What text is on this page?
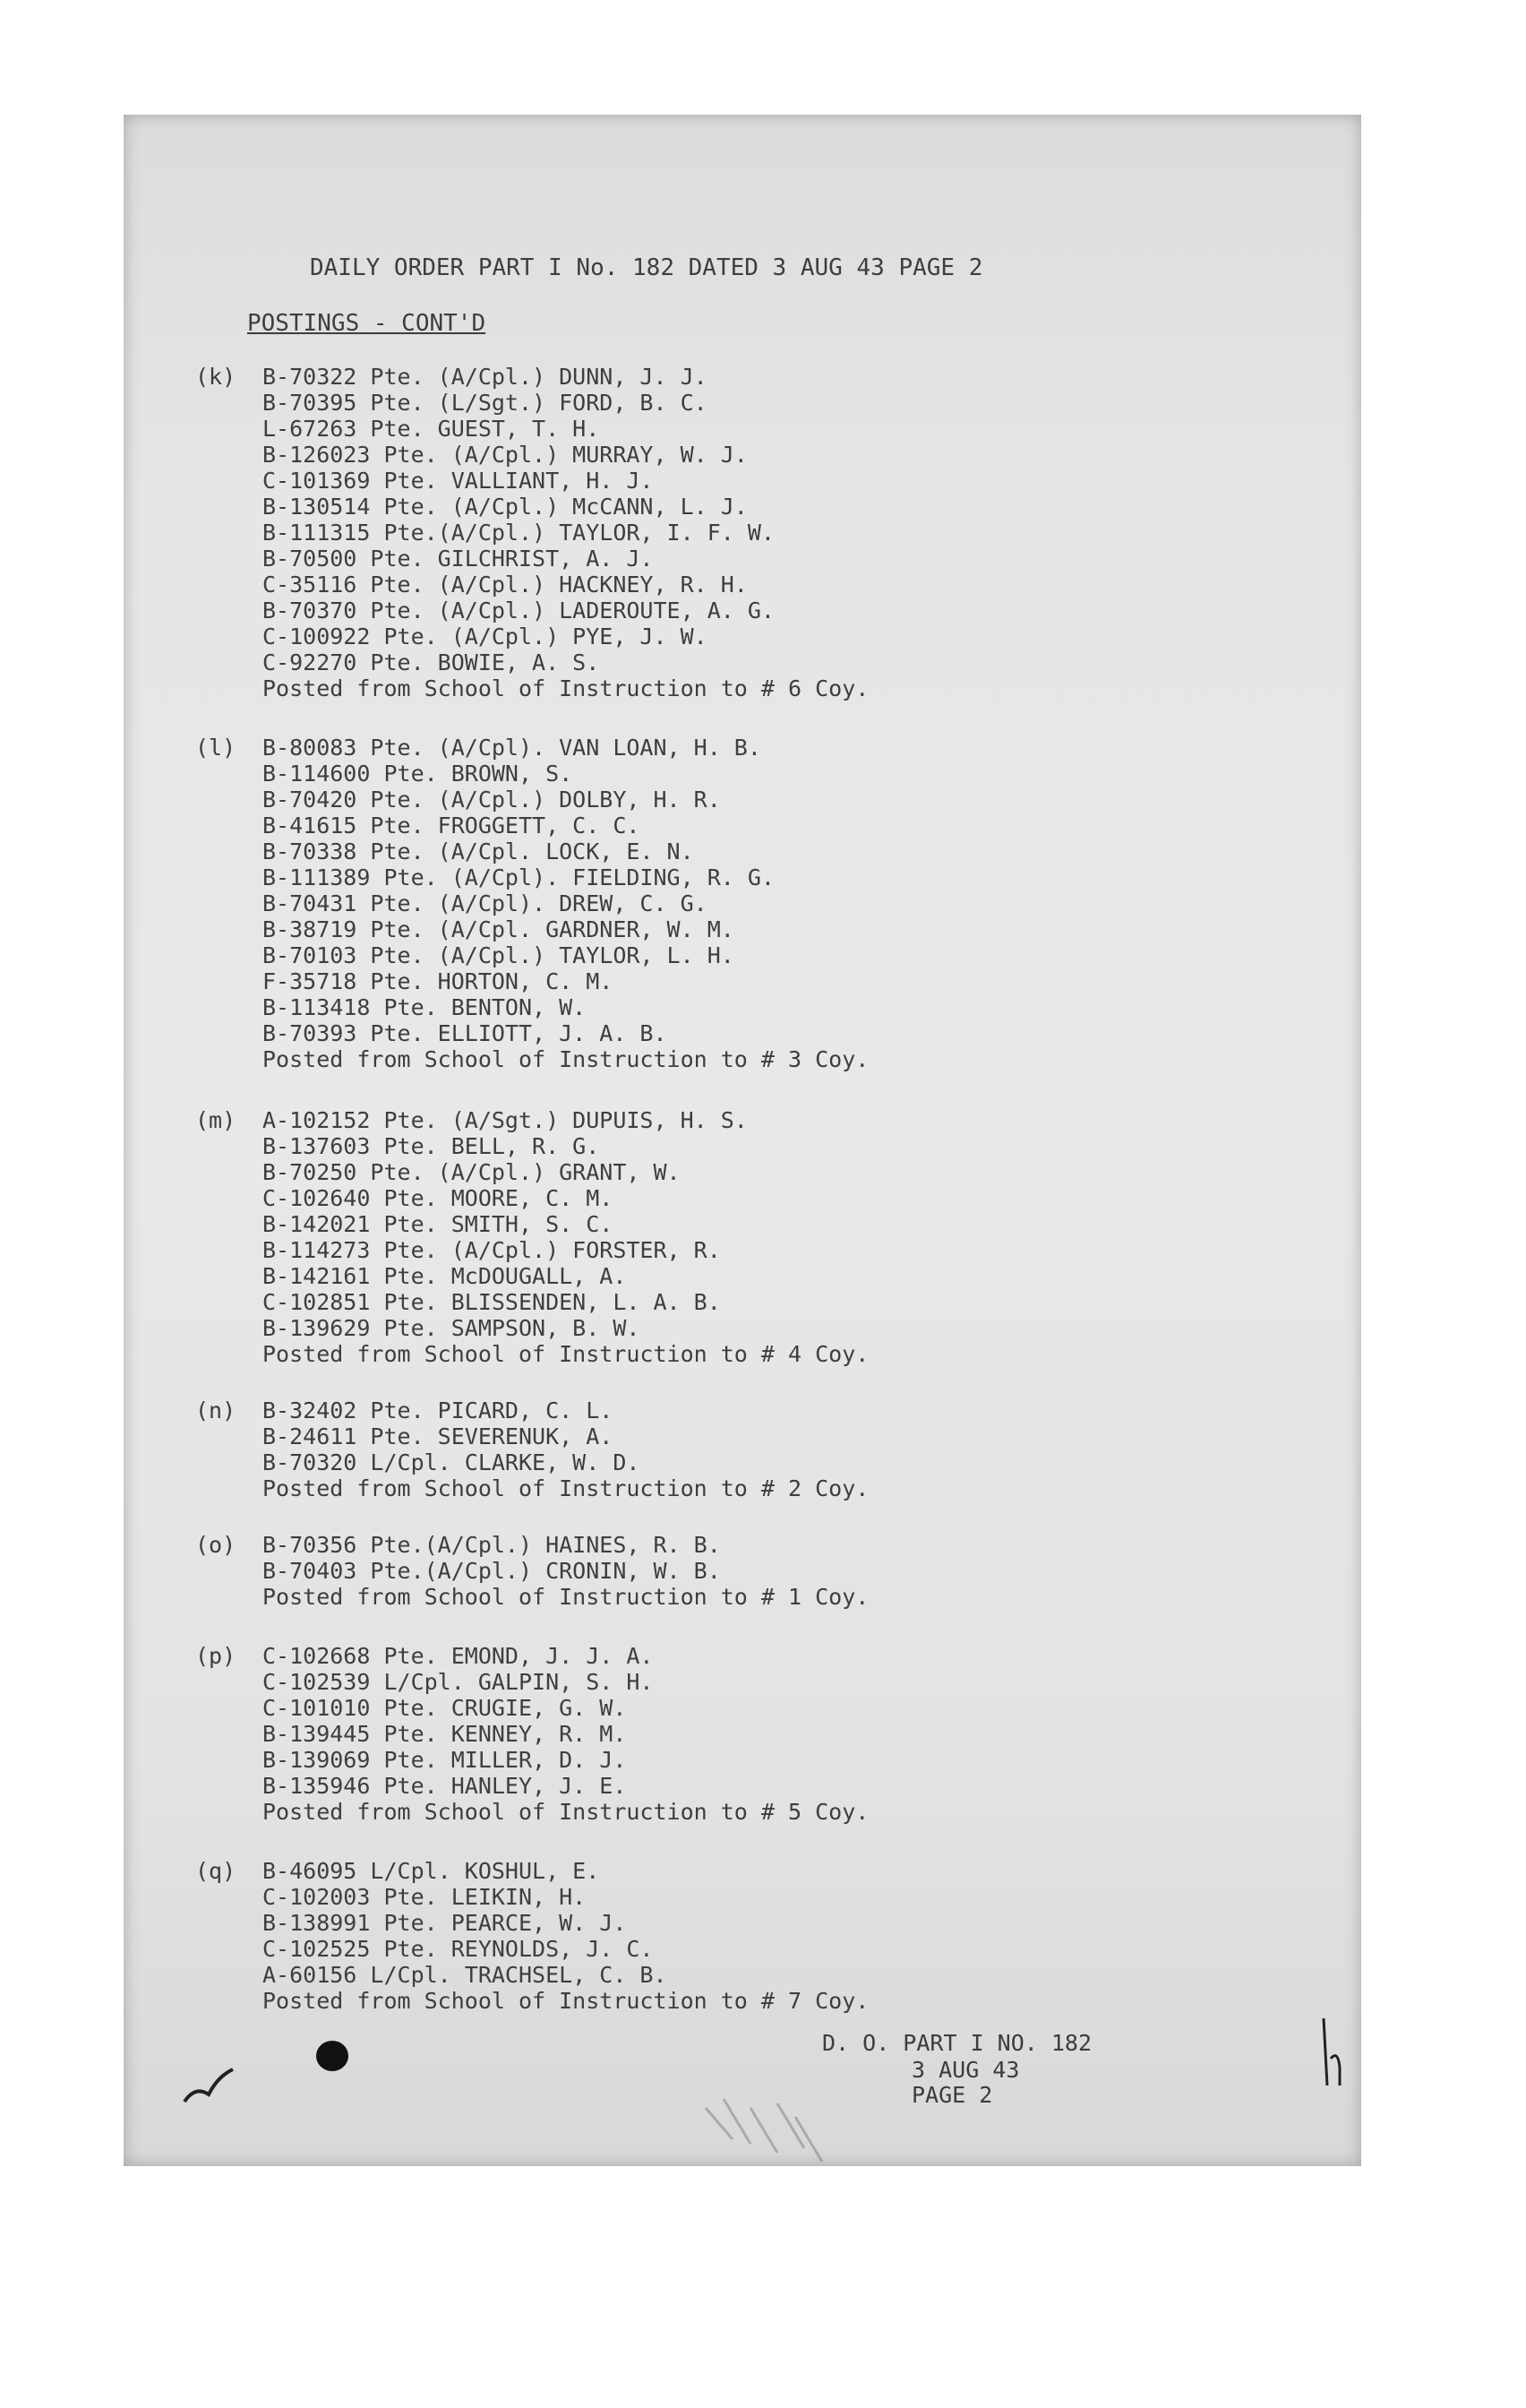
DAILY ORDER PART I No. 182 DATED 3 AUG 43 PAGE 2
POSTINGS - CONT'D
(k) B-70322 Pte. (A/Cpl.) DUNN, J. J.
B-70395 Pte. (L/Sgt.) FORD, B. C.
L-67263 Pte. GUEST, T. H.
B-126023 Pte. (A/Cpl.) MURRAY, W. J.
C-101369 Pte. VALLIANT, H. J.
B-130514 Pte. (A/Cpl.) McCANN, L. J.
B-111315 Pte.(A/Cpl.) TAYLOR, I. F. W.
B-70500 Pte. GILCHRIST, A. J.
C-35116 Pte. (A/Cpl.) HACKNEY, R. H.
B-70370 Pte. (A/Cpl.) LADEROUTE, A. G.
C-100922 Pte. (A/Cpl.) PYE, J. W.
C-92270 Pte. BOWIE, A. S.
Posted from School of Instruction to # 6 Coy.
(l) B-80083 Pte. (A/Cpl). VAN LOAN, H. B.
B-114600 Pte. BROWN, S.
B-70420 Pte. (A/Cpl.) DOLBY, H. R.
B-41615 Pte. FROGGETT, C. C.
B-70338 Pte. (A/Cpl. LOCK, E. N.
B-111389 Pte. (A/Cpl). FIELDING, R. G.
B-70431 Pte. (A/Cpl). DREW, C. G.
B-38719 Pte. (A/Cpl. GARDNER, W. M.
B-70103 Pte. (A/Cpl.) TAYLOR, L. H.
F-35718 Pte. HORTON, C. M.
B-113418 Pte. BENTON, W.
B-70393 Pte. ELLIOTT, J. A. B.
Posted from School of Instruction to # 3 Coy.
(m) A-102152 Pte. (A/Sgt.) DUPUIS, H. S.
B-137603 Pte. BELL, R. G.
B-70250 Pte. (A/Cpl.) GRANT, W.
C-102640 Pte. MOORE, C. M.
B-142021 Pte. SMITH, S. C.
B-114273 Pte. (A/Cpl.) FORSTER, R.
B-142161 Pte. McDOUGALL, A.
C-102851 Pte. BLISSENDEN, L. A. B.
B-139629 Pte. SAMPSON, B. W.
Posted from School of Instruction to # 4 Coy.
(n) B-32402 Pte. PICARD, C. L.
B-24611 Pte. SEVERENUK, A.
B-70320 L/Cpl. CLARKE, W. D.
Posted from School of Instruction to # 2 Coy.
(o) B-70356 Pte.(A/Cpl.) HAINES, R. B.
B-70403 Pte.(A/Cpl.) CRONIN, W. B.
Posted from School of Instruction to # 1 Coy.
(p) C-102668 Pte. EMOND, J. J. A.
C-102539 L/Cpl. GALPIN, S. H.
C-101010 Pte. CRUGIE, G. W.
B-139445 Pte. KENNEY, R. M.
B-139069 Pte. MILLER, D. J.
B-135946 Pte. HANLEY, J. E.
Posted from School of Instruction to # 5 Coy.
(q) B-46095 L/Cpl. KOSHUL, E.
C-102003 Pte. LEIKIN, H.
B-138991 Pte. PEARCE, W. J.
C-102525 Pte. REYNOLDS, J. C.
A-60156 L/Cpl. TRACHSEL, C. B.
Posted from School of Instruction to # 7 Coy.
D. O. PART I NO. 182
3 AUG 43
PAGE 2
